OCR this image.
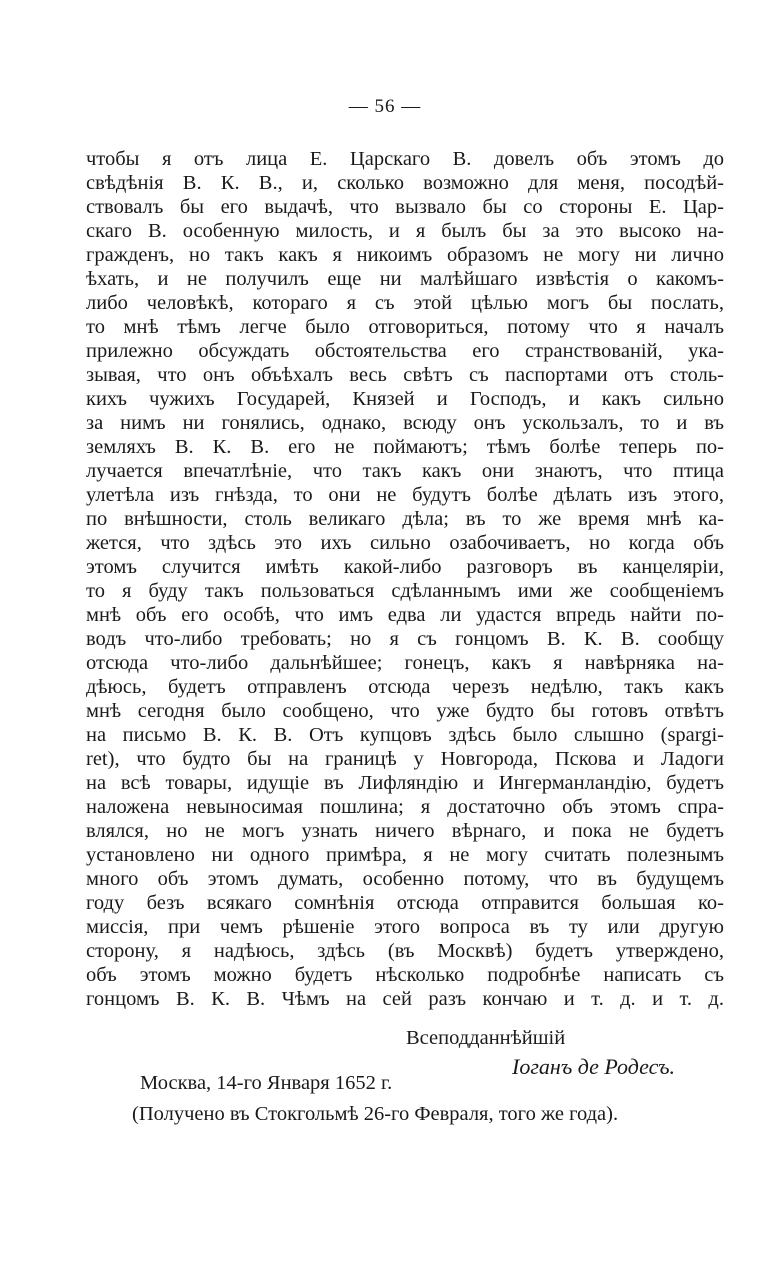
— 56 —
чтобы я отъ лица Е. Царскаго В. довелъ объ этомъ до
свѣдѣнія В. К. В., и, сколько возможно для меня, посодѣй-
ствовалъ бы его выдачѣ, что вызвало бы со стороны Е. Цар-
скаго В. особенную милость, и я былъ бы за это высоко на-
гражденъ, но такъ какъ я никоимъ образомъ не могу ни лично
ѣхать, и не получилъ еще ни малѣйшаго извѣстія о какомъ-
либо человѣкѣ, котораго я съ этой цѣлью могъ бы послать,
то мнѣ тѣмъ легче было отговориться, потому что я началъ
прилежно обсуждать обстоятельства его странствованій, ука-
зывая, что онъ объѣхалъ весь свѣтъ съ паспортами отъ столь-
кихъ чужихъ Государей, Князей и Господъ, и какъ сильно
за нимъ ни гонялись, однако, всюду онъ ускользалъ, то и въ
земляхъ В. К. В. его не поймаютъ; тѣмъ болѣе теперь по-
лучается впечатлѣніе, что такъ какъ они знаютъ, что птица
улетѣла изъ гнѣзда, то они не будутъ болѣе дѣлать изъ этого,
по внѣшности, столь великаго дѣла; въ то же время мнѣ ка-
жется, что здѣсь это ихъ сильно озабочиваетъ, но когда объ
этомъ случится имѣть какой-либо разговоръ въ канцеляріи,
то я буду такъ пользоваться сдѣланнымъ ими же сообщеніемъ
мнѣ объ его особѣ, что имъ едва ли удастся впредь найти по-
водъ что-либо требовать; но я съ гонцомъ В. К. В. сообщу
отсюда что-либо дальнѣйшее; гонецъ, какъ я навѣрняка на-
дѣюсь, будетъ отправленъ отсюда черезъ недѣлю, такъ какъ
мнѣ сегодня было сообщено, что уже будто бы готовъ отвѣтъ
на письмо В. К. В. Отъ купцовъ здѣсь было слышно (spargi-
ret), что будто бы на границѣ у Новгорода, Пскова и Ладоги
на всѣ товары, идущіе въ Лифляндію и Ингерманландію, будетъ
наложена невыносимая пошлина; я достаточно объ этомъ спра-
влялся, но не могъ узнать ничего вѣрнаго, и пока не будетъ
установлено ни одного примѣра, я не могу считать полезнымъ
много объ этомъ думать, особенно потому, что въ будущемъ
году безъ всякаго сомнѣнія отсюда отправится большая ко-
миссія, при чемъ рѣшеніе этого вопроса въ ту или другую
сторону, я надѣюсь, здѣсь (въ Москвѣ) будетъ утверждено,
объ этомъ можно будетъ нѣсколько подробнѣе написать съ
гонцомъ В. К. В. Чѣмъ на сей разъ кончаю и т. д. и т. д.
Всеподданнѣйшій
Іоганъ де Родесъ.
Москва, 14-го Января 1652 г.
(Получено въ Стокгольмѣ 26-го Февраля, того же года).
